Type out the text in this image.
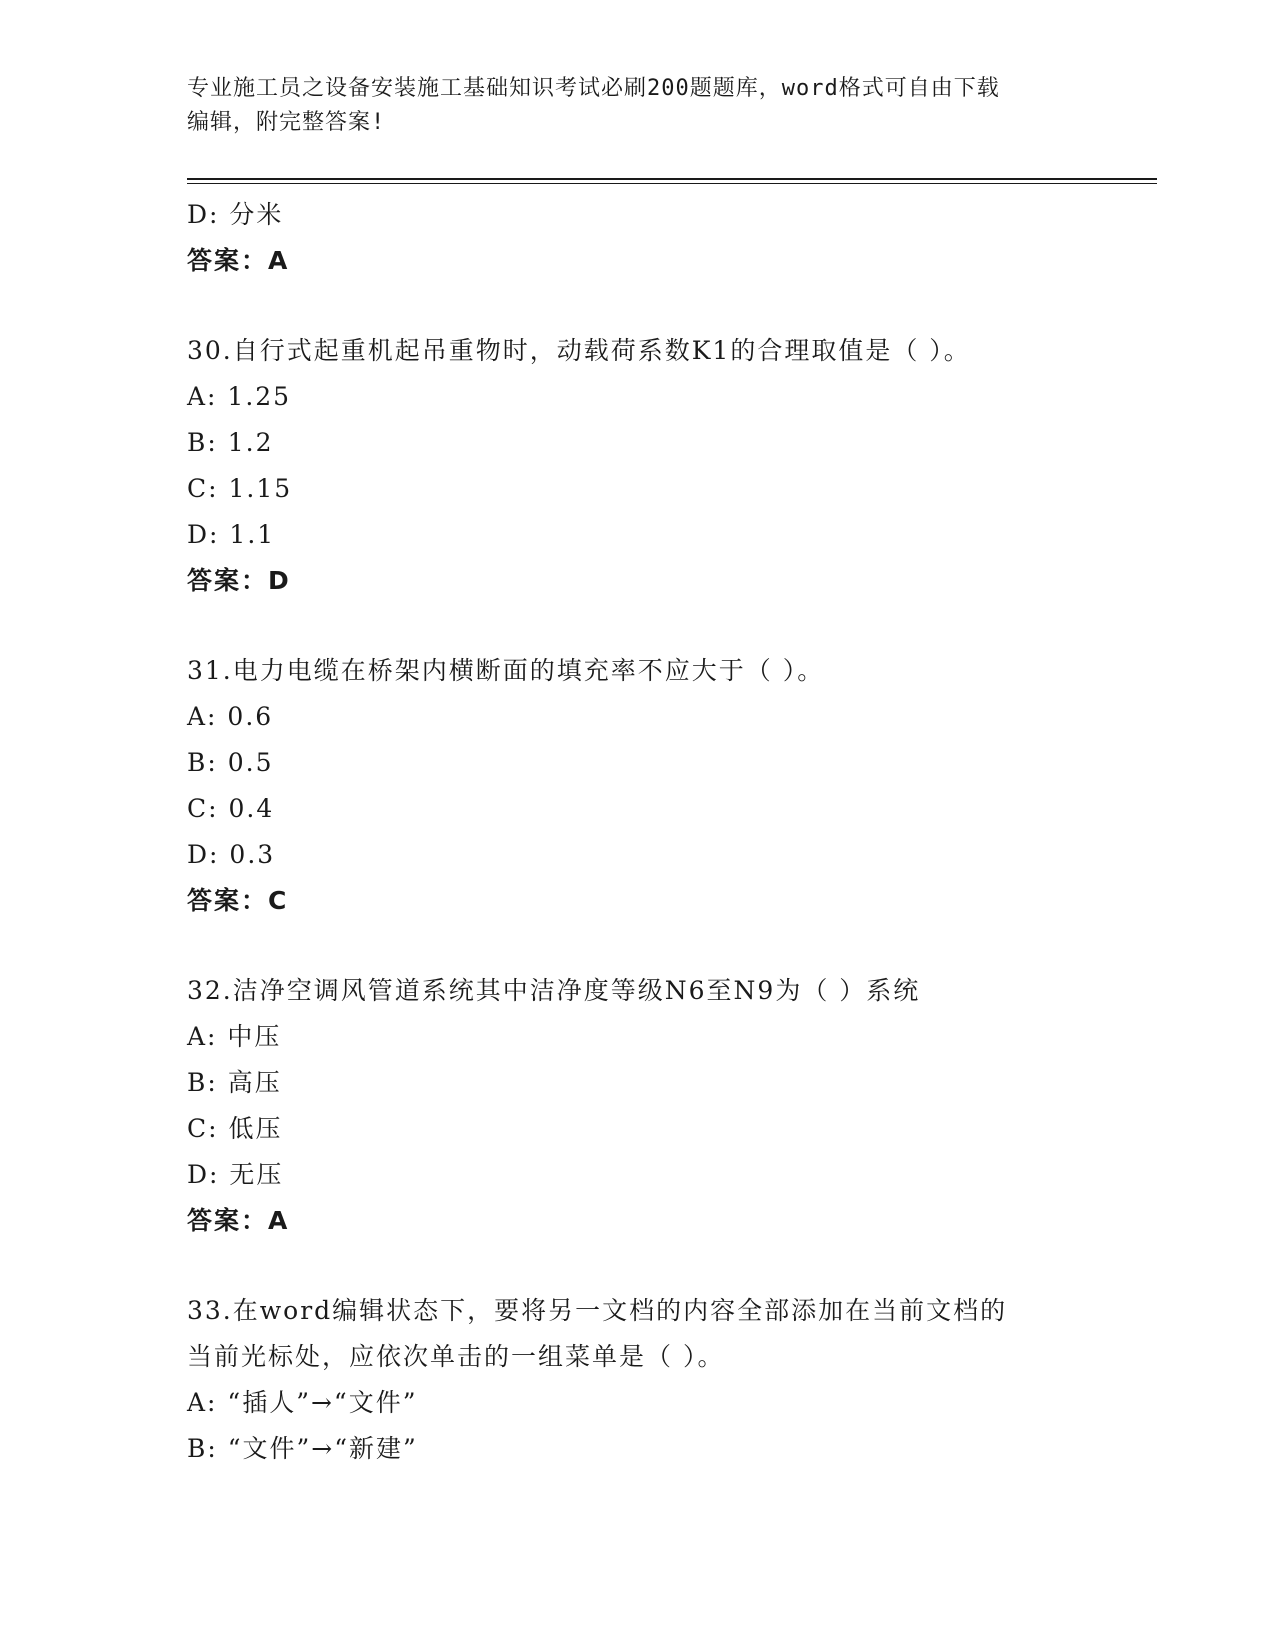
专业施工员之设备安装施工基础知识考试必刷200题题库，word格式可自由下载
编辑，附完整答案!
D: 分米
答案：A
30.自行式起重机起吊重物时，动载荷系数K1的合理取值是（ ）。
A: 1.25
B: 1.2
C: 1.15
D: 1.1
答案：D
31.电力电缆在桥架内横断面的填充率不应大于（ ）。
A: 0.6
B: 0.5
C: 0.4
D: 0.3
答案：C
32.洁净空调风管道系统其中洁净度等级N6至N9为（ ）系统
A: 中压
B: 高压
C: 低压
D: 无压
答案：A
33.在word编辑状态下，要将另一文档的内容全部添加在当前文档的
当前光标处，应依次单击的一组菜单是（ ）。
A: “插人”→“文件”
B: “文件”→“新建”
